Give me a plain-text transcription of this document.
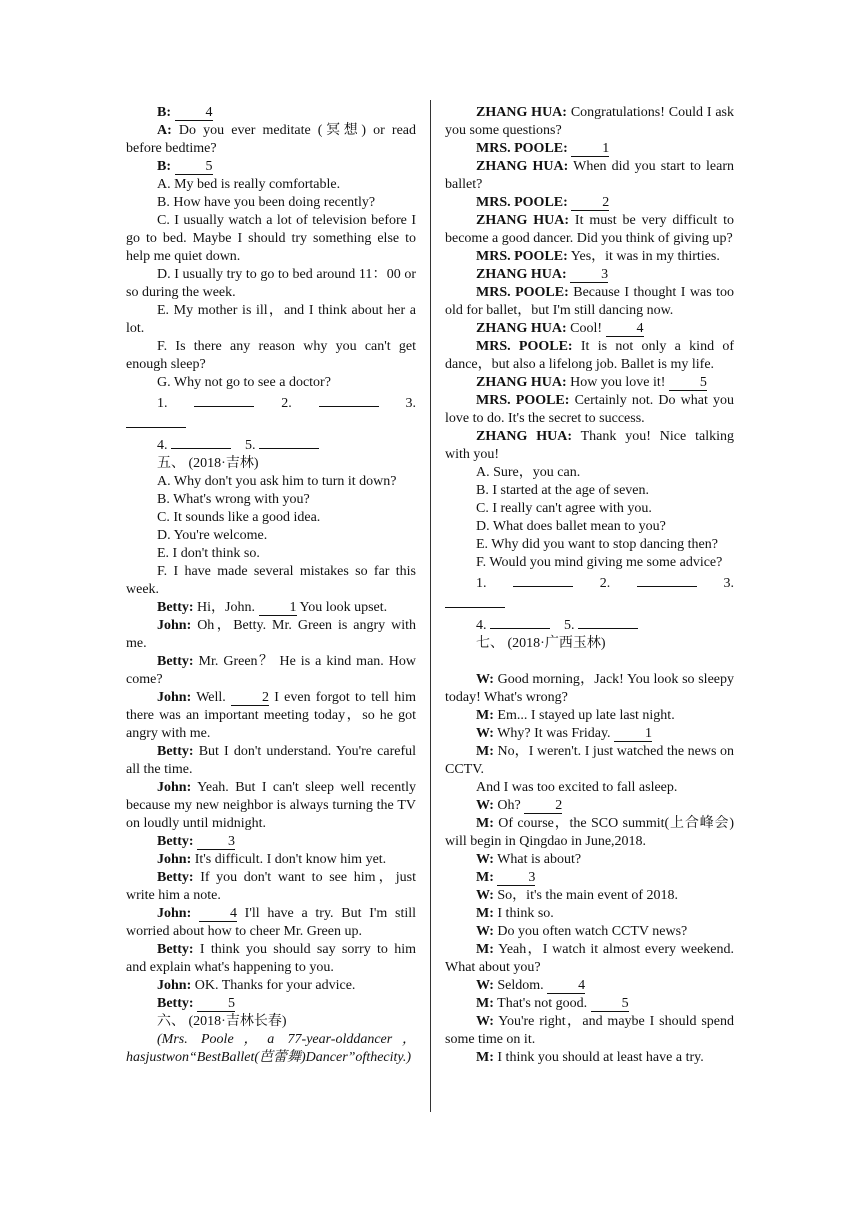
B: 4

A: Do you ever meditate (冥想) or read before bedtime?

B: 5

A. My bed is really comfortable.

B. How have you been doing recently?

C. I usually watch a lot of television before I go to bed. Maybe I should try something else to help me quiet down.

D. I usually try to go to bed around 11：00 or so during the week.

E. My mother is ill，and I think about her a lot.

F. Is there any reason why you can't get enough sleep?

G. Why not go to see a doctor?

1.	2.	3.

4.	5.

五、 (2018·吉林)

A. Why don't you ask him to turn it down?

B. What's wrong with you?

C. It sounds like a good idea.

D. You're welcome.

E. I don't think so.

F. I have made several mistakes so far this week.

Betty: Hi，John. 1 You look upset.

John: Oh，Betty. Mr. Green is angry with me.

Betty: Mr. Green？ He is a kind man. How come?

John: Well. 2 I even forgot to tell him there was an important meeting today，so he got angry with me.

Betty: But I don't understand. You're careful all the time.

John: Yeah. But I can't sleep well recently because my new neighbor is always turning the TV on loudly until midnight.

Betty: 3

John: It's difficult. I don't know him yet.

Betty: If you don't want to see him，just write him a note.

John:	4 I'll have a try. But I'm still worried about how to cheer Mr. Green up.

Betty: I think you should say sorry to him and explain what's happening to you.

John: OK. Thanks for your advice.

Betty: 5

六、 (2018·吉林长春)

(Mrs. Poole，a 77-year-olddancer，hasjustwon“BestBallet(芭蕾舞)Dancer”ofthecity.)

ZHANG HUA: Congratulations! Could I ask you some questions?

MRS. POOLE: 1

ZHANG HUA: When did you start to learn ballet?

MRS. POOLE: 2

ZHANG HUA: It must be very difficult to become a good dancer. Did you think of giving up?

MRS. POOLE: Yes，it was in my thirties.

ZHANG HUA: 3

MRS. POOLE: Because I thought I was too old for ballet，but I'm still dancing now.

ZHANG HUA: Cool! 4

MRS. POOLE: It is not only a kind of dance，but also a lifelong job. Ballet is my life.

ZHANG HUA: How you love it! 5

MRS. POOLE: Certainly not. Do what you love to do. It's the secret to success.

ZHANG HUA: Thank you! Nice talking with you!

A. Sure，you can.

B. I started at the age of seven.

C. I really can't agree with you.

D. What does ballet mean to you?

E. Why did you want to stop dancing then?

F. Would you mind giving me some advice?

1.	2.	3.

4.	5.

七、 (2018·广西玉林)

W: Good morning，Jack! You look so sleepy today! What's wrong?

M: Em... I stayed up late last night.

W: Why? It was Friday. 1

M: No，I weren't. I just watched the news on CCTV.

And I was too excited to fall asleep.

W: Oh? 2

M: Of course，the SCO summit(上合峰会) will begin in Qingdao in June,2018.

W: What is about?

M: 3

W: So，it's the main event of 2018.

M: I think so.

W: Do you often watch CCTV news?

M: Yeah，I watch it almost every weekend. What about you?

W: Seldom. 4

M: That's not good. 5

W: You're right，and maybe I should spend some time on it.

M: I think you should at least have a try.
